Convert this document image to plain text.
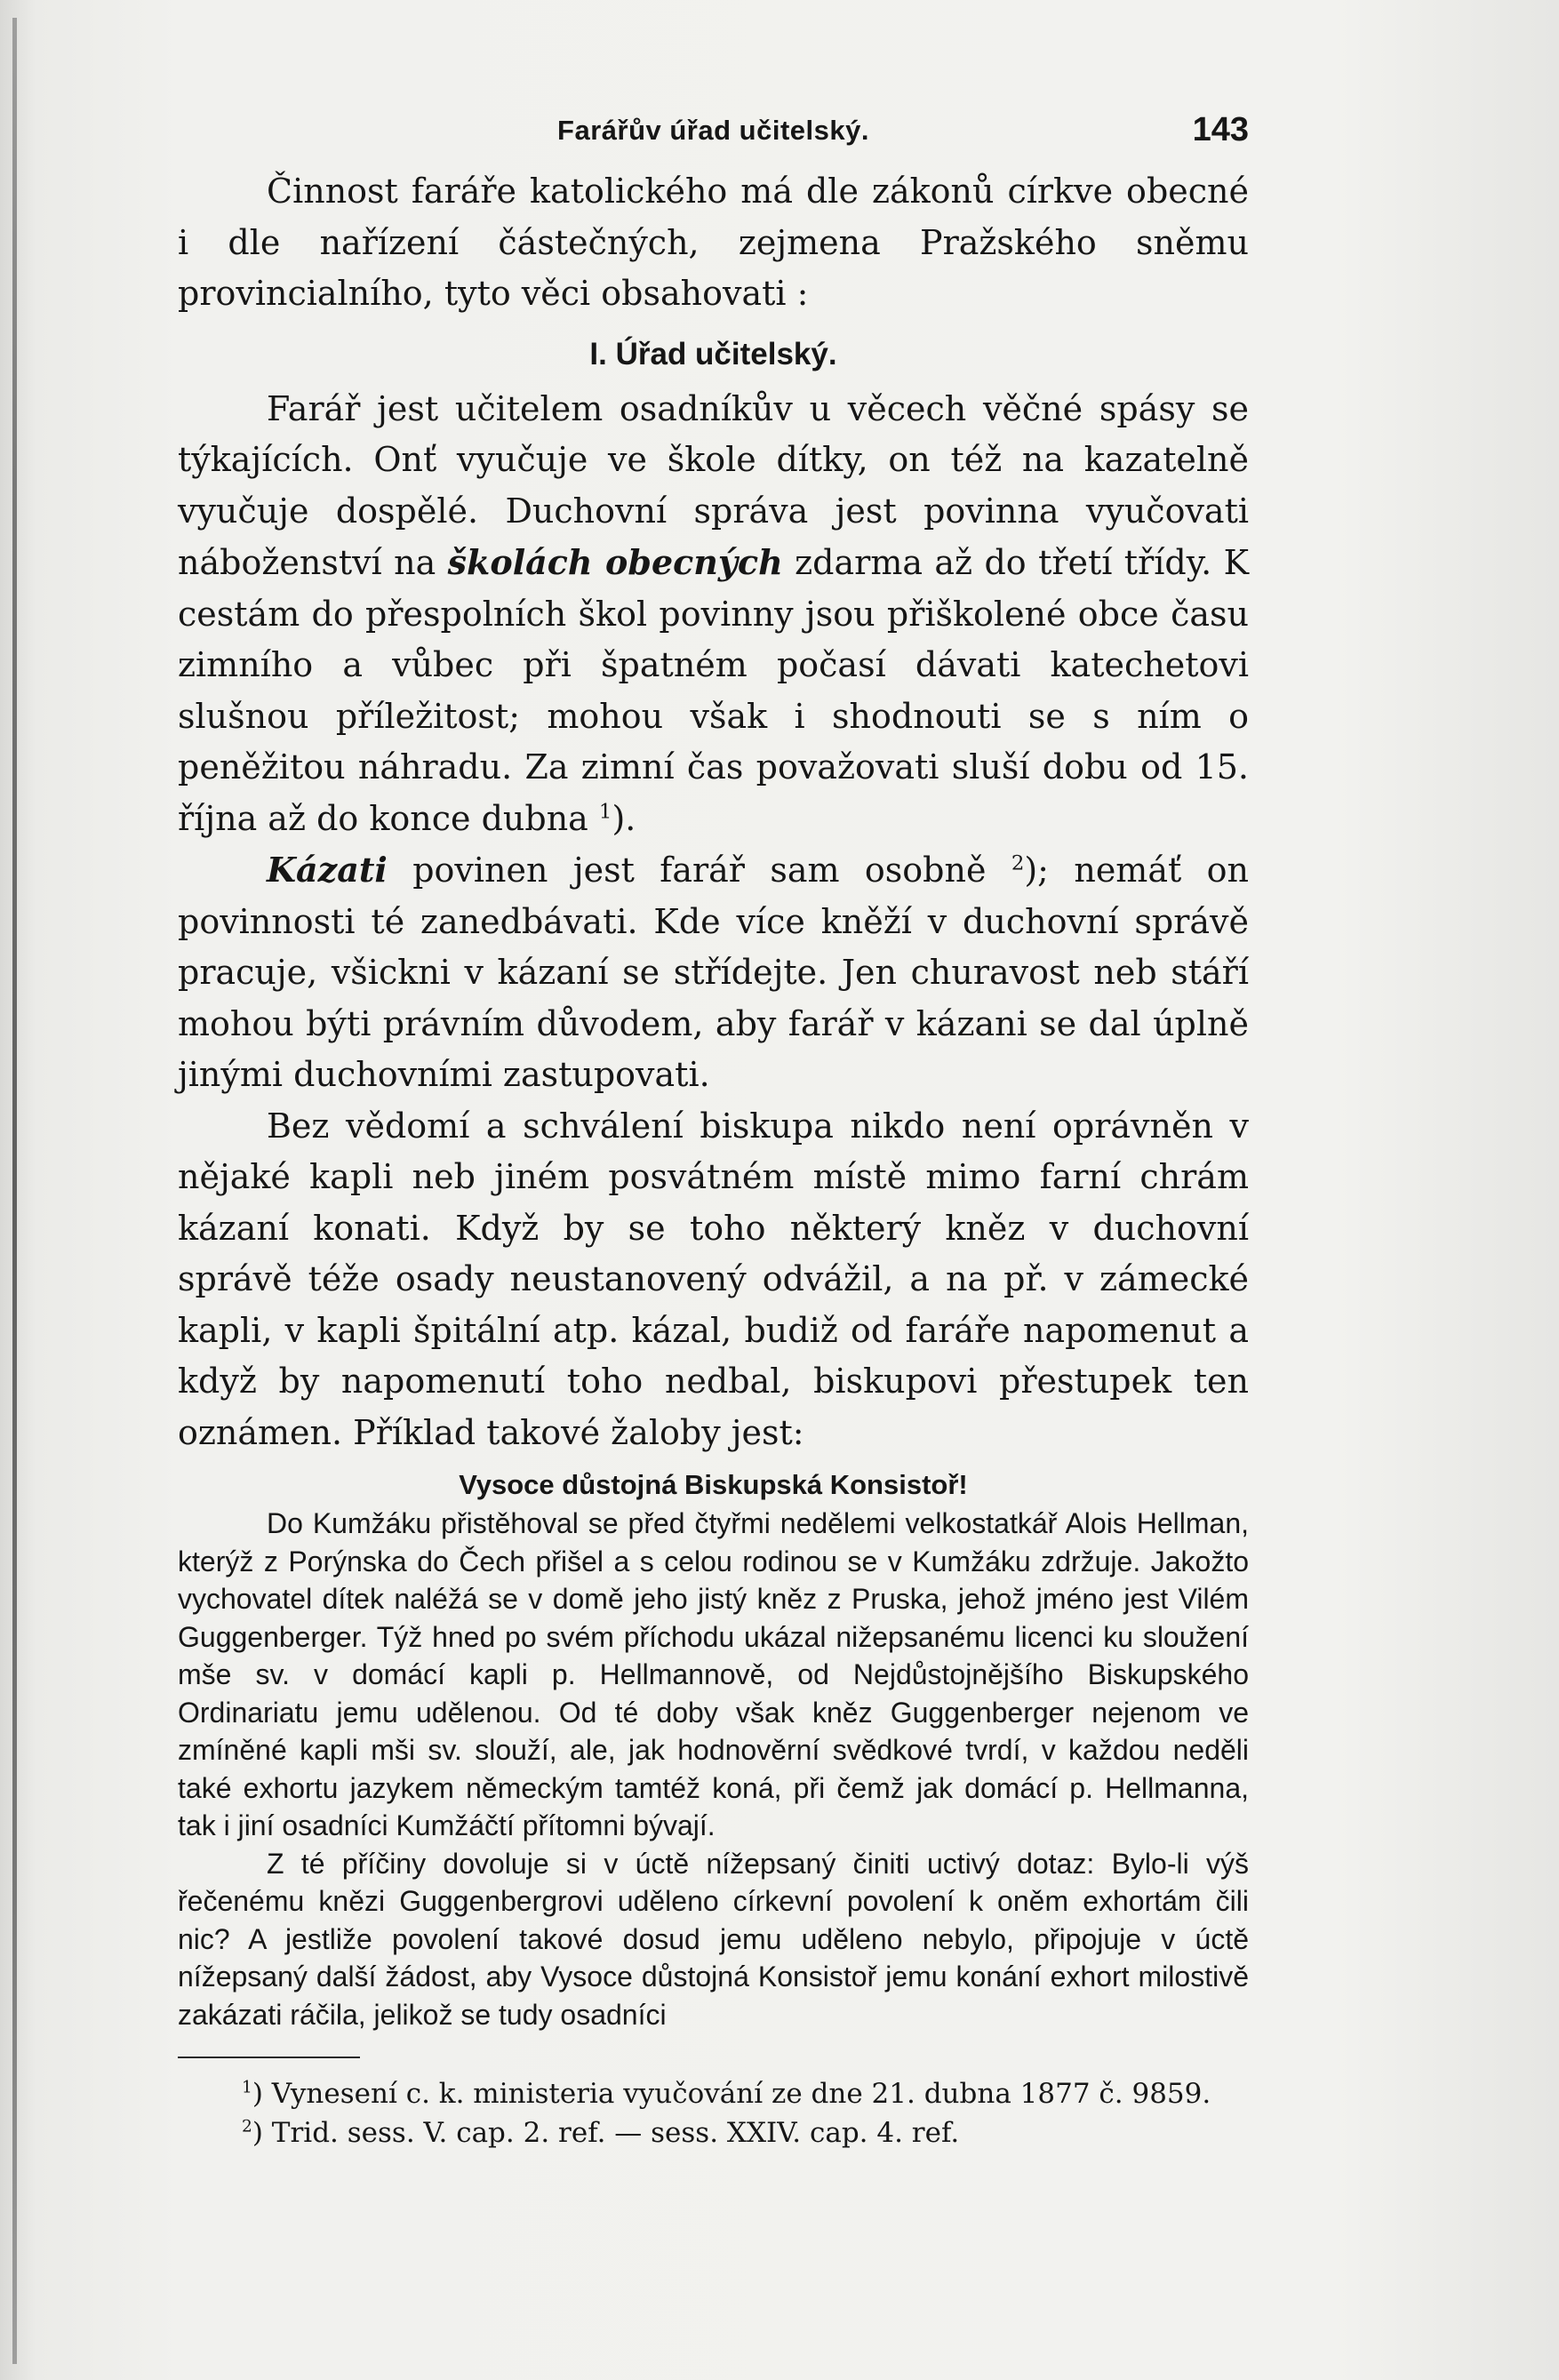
Farářův úřad učitelský.	143

Činnost faráře katolického má dle zákonů církve obecné i dle nařízení částečných, zejmena Pražského sněmu provincialního, tyto věci obsahovati :

I. Úřad učitelský.

Farář jest učitelem osadníkův u věcech věčné spásy se týkajících. Onť vyučuje ve škole dítky, on též na kazatelně vyučuje dospělé. Duchovní správa jest povinna vyučovati náboženství na školách obecných zdarma až do třetí třídy. K cestám do přespolních škol povinny jsou přiškolené obce času zimního a vůbec při špatném počasí dávati katechetovi slušnou příležitost; mohou však i shodnouti se s ním o peněžitou náhradu. Za zimní čas považovati sluší dobu od 15. října až do konce dubna $^1$).

Kázati povinen jest farář sam osobně $^2$); nemáť on povinnosti té zanedbávati. Kde více kněží v duchovní správě pracuje, všickni v kázaní se střídejte. Jen churavost neb stáří mohou býti právním důvodem, aby farář v kázani se dal úplně jinými duchovními zastupovati.

Bez vědomí a schválení biskupa nikdo není oprávněn v nějaké kapli neb jiném posvátném místě mimo farní chrám kázaní konati. Když by se toho některý kněz v duchovní správě téže osady neustanovený odvážil, a na př. v zámecké kapli, v kapli špitální atp. kázal, budiž od faráře napomenut a když by napomenutí toho nedbal, biskupovi přestupek ten oznámen. Příklad takové žaloby jest:

Vysoce důstojná Biskupská Konsistoř!

Do Kumžáku přistěhoval se před čtyřmi nedělemi velkostatkář Alois Hellman, kterýž z Porýnska do Čech přišel a s celou rodinou se v Kumžáku zdržuje. Jakožto vychovatel dítek naléžá se v domě jeho jistý kněz z Pruska, jehož jméno jest Vilém Guggenberger. Týž hned po svém příchodu ukázal nižepsanému licenci ku sloužení mše sv. v domácí kapli p. Hellmannově, od Nejdůstojnějšího Biskupského Ordinariatu jemu udělenou. Od té doby však kněz Guggenberger nejenom ve zmíněné kapli mši sv. slouží, ale, jak hodnověrní svědkové tvrdí, v každou neděli také exhortu jazykem německým tamtéž koná, při čemž jak domácí p. Hellmanna, tak i jiní osadníci Kumžáčtí přítomni bývají.

Z té příčiny dovoluje si v úctě nížepsaný činiti uctivý dotaz: Bylo-li výš řečenému knězi Guggenbergrovi uděleno církevní povolení k oněm exhortám čili nic? A jestliže povolení takové dosud jemu uděleno nebylo, připojuje v úctě nížepsaný další žádost, aby Vysoce důstojná Konsistoř jemu konání exhort milostivě zakázati ráčila, jelikož se tudy osadníci

$^1$) Vynesení c. k. ministeria vyučování ze dne 21. dubna 1877 č. 9859.

$^2$) Trid. sess. V. cap. 2. ref. — sess. XXIV. cap. 4. ref.
